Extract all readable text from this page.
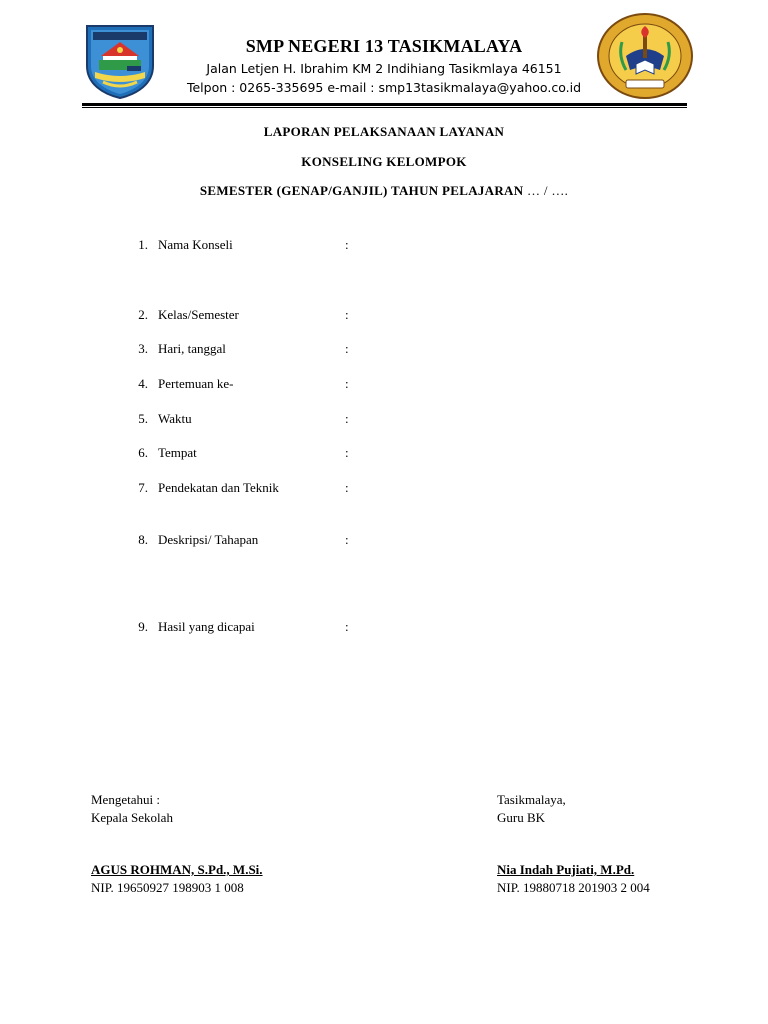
SMP NEGERI 13 TASIKMALAYA
Jalan Letjen H. Ibrahim KM 2 Indihiang Tasikmlaya 46151
Telpon : 0265-335695 e-mail : smp13tasikmalaya@yahoo.co.id
LAPORAN PELAKSANAAN LAYANAN
KONSELING KELOMPOK
SEMESTER (GENAP/GANJIL) TAHUN PELAJARAN … / ….
1. Nama Konseli	:
2. Kelas/Semester	:
3. Hari, tanggal	:
4. Pertemuan ke-	:
5. Waktu	:
6. Tempat	:
7. Pendekatan dan Teknik	:
8. Deskripsi/ Tahapan	:
9. Hasil yang dicapai	:
Mengetahui :
Kepala Sekolah
AGUS ROHMAN, S.Pd., M.Si.
NIP. 19650927 198903 1 008
Tasikmalaya,
Guru BK
Nia Indah Pujiati, M.Pd.
NIP. 19880718 201903 2 004
